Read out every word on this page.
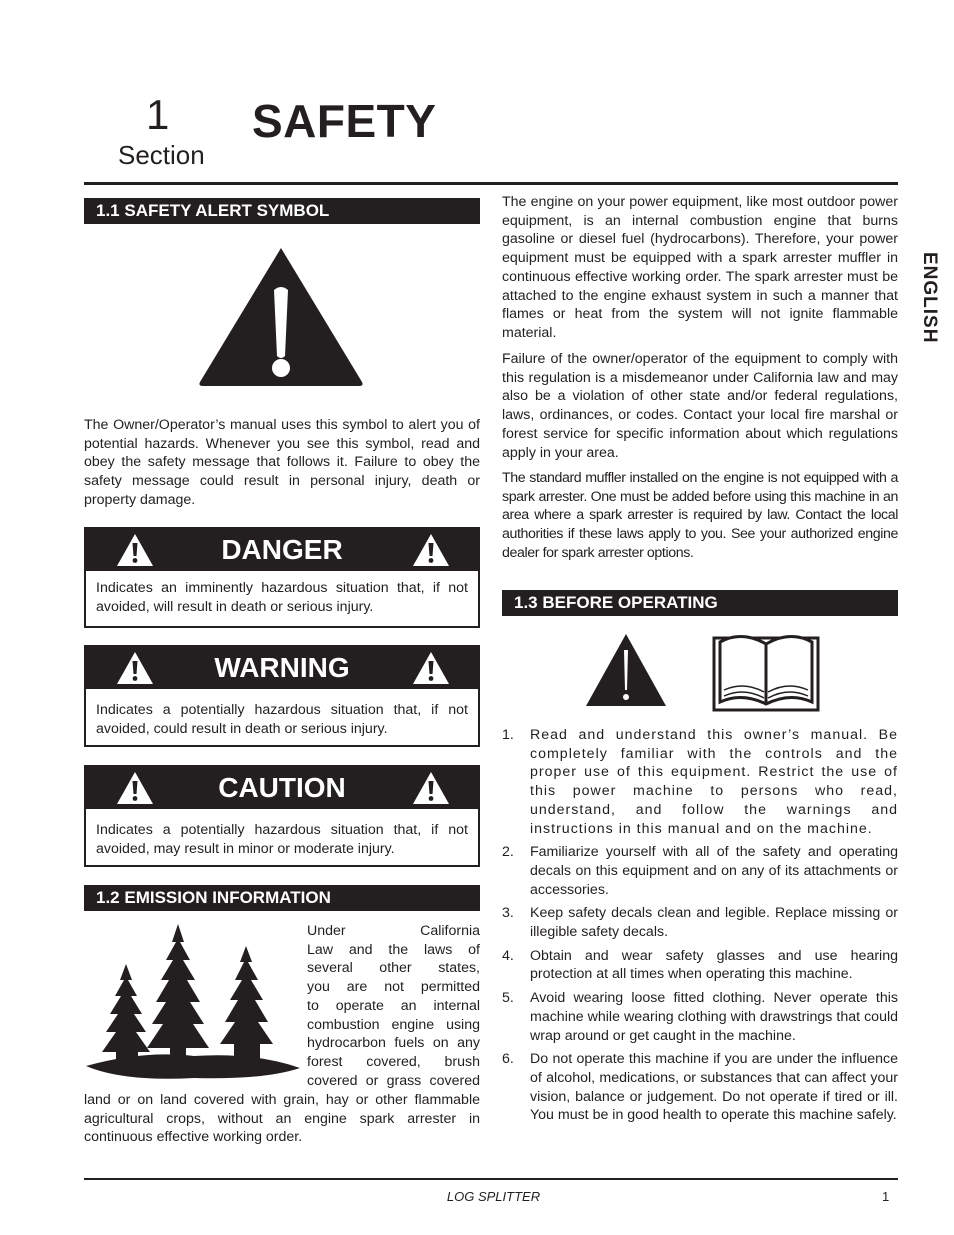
1
Section
SAFETY
ENGLISH
1.1 SAFETY ALERT SYMBOL
The Owner/Operator’s manual uses this symbol to alert you of potential hazards. Whenever you see this symbol, read and obey the safety message that follows it. Failure to obey the safety message could result in personal injury, death or property damage.
DANGER
Indicates an imminently hazardous situation that, if not avoided, will result in death or serious injury.
WARNING
Indicates a potentially hazardous situation that, if not avoided, could result in death or serious injury.
CAUTION
Indicates a potentially hazardous situation that, if not avoided, may result in minor or moderate injury.
1.2 EMISSION INFORMATION
Under California
Law and the laws of
several other states,
you are not permitted
to operate an internal
combustion engine using
hydrocarbon fuels on any
forest covered, brush
covered or grass covered
land or on land covered with grain, hay or other flammable agricultural crops, without an engine spark arrester in continuous effective working order.
The engine on your power equipment, like most outdoor power equipment, is an internal combustion engine that burns gasoline or diesel fuel (hydrocarbons). Therefore, your power equipment must be equipped with a spark arrester muffler in continuous effective working order. The spark arrester must be attached to the engine exhaust system in such a manner that flames or heat from the system will not ignite flammable material.
Failure of the owner/operator of the equipment to comply with this regulation is a misdemeanor under California law and may also be a violation of other state and/or federal regulations, laws, ordinances, or codes. Contact your local fire marshal or forest service for specific information about which regulations apply in your area.
The standard muffler installed on the engine is not equipped with a spark arrester. One must be added before using this machine in an area where a spark arrester is required by law. Contact the local authorities if these laws apply to you. See your authorized engine dealer for spark arrester options.
1.3 BEFORE OPERATING
1. Read and understand this owner’s manual. Be completely familiar with the controls and the proper use of this equipment. Restrict the use of this power machine to persons who read, understand, and follow the warnings and instructions in this manual and on the machine.
2. Familiarize yourself with all of the safety and operating decals on this equipment and on any of its attachments or accessories.
3. Keep safety decals clean and legible. Replace missing or illegible safety decals.
4. Obtain and wear safety glasses and use hearing protection at all times when operating this machine.
5. Avoid wearing loose fitted clothing. Never operate this machine while wearing clothing with drawstrings that could wrap around or get caught in the machine.
6. Do not operate this machine if you are under the influence of alcohol, medications, or substances that can affect your vision, balance or judgement. Do not operate if tired or ill. You must be in good health to operate this machine safely.
LOG SPLITTER	1
